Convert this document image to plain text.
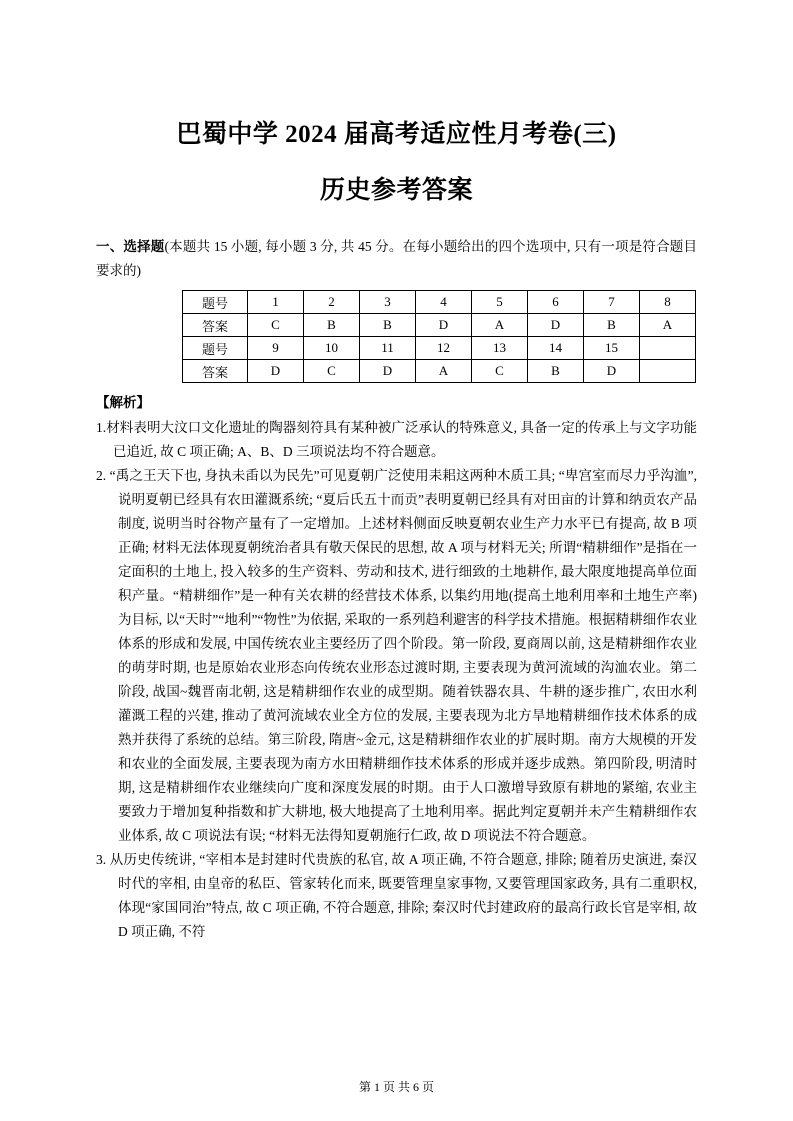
巴蜀中学 2024 届高考适应性月考卷(三)
历史参考答案
一、选择题(本题共 15 小题, 每小题 3 分, 共 45 分。在每小题给出的四个选项中, 只有一项是符合题目要求的)
题号	1	2	3	4	5	6	7	8
答案	C	B	B	D	A	D	B	A
题号	9	10	11	12	13	14	15	
答案	D	C	D	A	C	B	D	
【解析】
1.材料表明大汶口文化遗址的陶器刻符具有某种被广泛承认的特殊意义, 具备一定的传承上与文字功能已追近, 故 C 项正确; A、B、D 三项说法均不符合题意。
2. “禹之王天下也, 身执未臿以为民先”可见夏朝广泛使用耒耜这两种木质工具; “卑宫室而尽力乎沟洫”, 说明夏朝已经具有农田灌溉系统; “夏后氏五十而贡”表明夏朝已经具有对田亩的计算和纳贡农产品制度, 说明当时谷物产量有了一定增加。上述材料侧面反映夏朝农业生产力水平已有提高, 故 B 项正确; 材料无法体现夏朝统治者具有敬天保民的思想, 故 A 项与材料无关; 所谓“精耕细作”是指在一定面积的土地上, 投入较多的生产资料、劳动和技术, 进行细致的土地耕作, 最大限度地提高单位面积产量。“精耕细作”是一种有关农耕的经营技术体系, 以集约用地(提高土地利用率和土地生产率)为目标, 以“天时”“地利”“物性”为依据, 采取的一系列趋利避害的科学技术措施。根据精耕细作农业体系的形成和发展, 中国传统农业主要经历了四个阶段。第一阶段, 夏商周以前, 这是精耕细作农业的萌芽时期, 也是原始农业形态向传统农业形态过渡时期, 主要表现为黄河流域的沟洫农业。第二阶段, 战国~魏晋南北朝, 这是精耕细作农业的成型期。随着铁器农具、牛耕的逐步推广, 农田水利灌溉工程的兴建, 推动了黄河流域农业全方位的发展, 主要表现为北方旱地精耕细作技术体系的成熟并获得了系统的总结。第三阶段, 隋唐~金元, 这是精耕细作农业的扩展时期。南方大规模的开发和农业的全面发展, 主要表现为南方水田精耕细作技术体系的形成并逐步成熟。第四阶段, 明清时期, 这是精耕细作农业继续向广度和深度发展的时期。由于人口激增导致原有耕地的紧缩, 农业主要致力于增加复种指数和扩大耕地, 极大地提高了土地利用率。据此判定夏朝并未产生精耕细作农业体系, 故 C 项说法有误; “材料无法得知夏朝施行仁政, 故 D 项说法不符合题意。
3. 从历史传统讲, “宰相本是封建时代贵族的私官, 故 A 项正确, 不符合题意, 排除; 随着历史演进, 秦汉时代的宰相, 由皇帝的私臣、管家转化而来, 既要管理皇家事物, 又要管理国家政务, 具有二重职权, 体现“家国同治”特点, 故 C 项正确, 不符合题意, 排除; 秦汉时代封建政府的最高行政长官是宰相, 故 D 项正确, 不符
第 1 页 共 6 页
